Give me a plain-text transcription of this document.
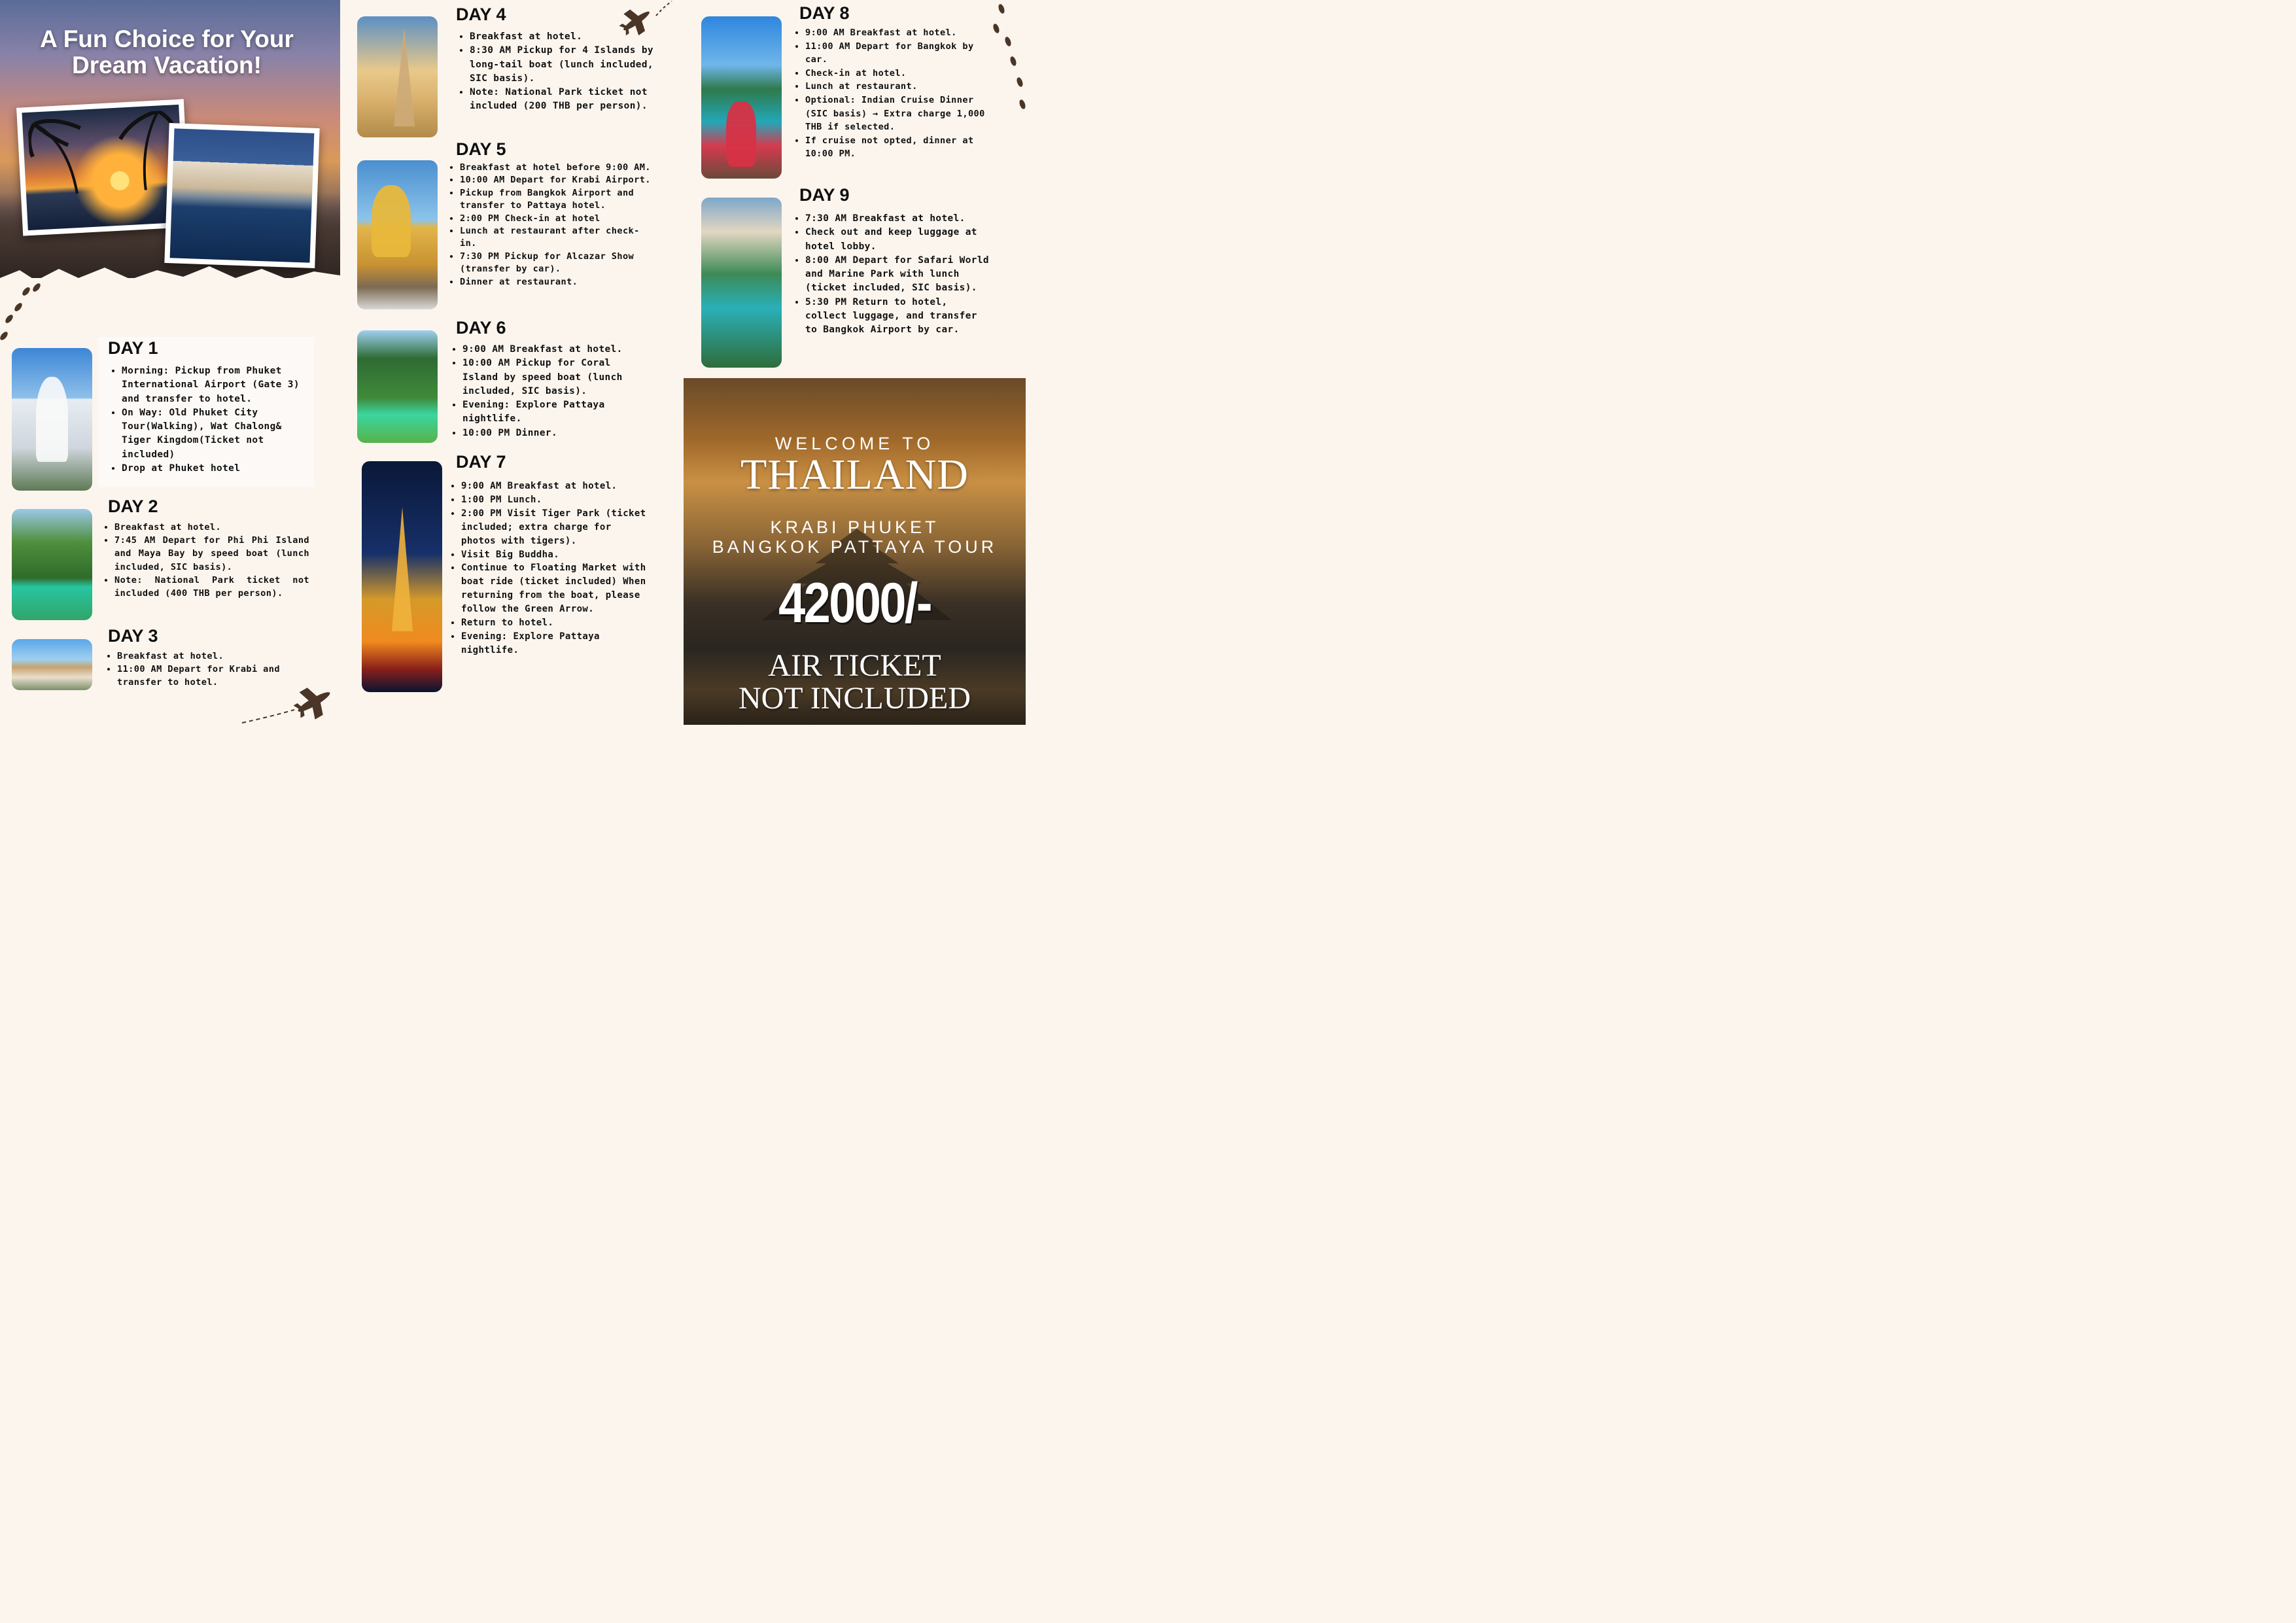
A Fun Choice for Your
Dream Vacation!
DAY 1
• Morning: Pickup from Phuket International Airport (Gate 3) and transfer to hotel.
• On Way: Old Phuket City Tour(Walking), Wat Chalong& Tiger Kingdom(Ticket not included)
• Drop at Phuket hotel
DAY 2
• Breakfast at hotel.
• 7:45 AM Depart for Phi Phi Island and Maya Bay by speed boat (lunch included, SIC basis).
• Note: National Park ticket not included (400 THB per person).
DAY 3
• Breakfast at hotel.
• 11:00 AM Depart for Krabi and transfer to hotel.
DAY 4
• Breakfast at hotel.
• 8:30 AM Pickup for 4 Islands by long-tail boat (lunch included, SIC basis).
• Note: National Park ticket not included (200 THB per person).
DAY 5
• Breakfast at hotel before 9:00 AM.
• 10:00 AM Depart for Krabi Airport.
• Pickup from Bangkok Airport and transfer to Pattaya hotel.
• 2:00 PM Check-in at hotel
• Lunch at restaurant after check-in.
• 7:30 PM Pickup for Alcazar Show (transfer by car).
• Dinner at restaurant.
DAY 6
• 9:00 AM Breakfast at hotel.
• 10:00 AM Pickup for Coral Island by speed boat (lunch included, SIC basis).
• Evening: Explore Pattaya nightlife.
• 10:00 PM Dinner.
DAY 7
• 9:00 AM Breakfast at hotel.
• 1:00 PM Lunch.
• 2:00 PM Visit Tiger Park (ticket included; extra charge for photos with tigers).
• Visit Big Buddha.
• Continue to Floating Market with boat ride (ticket included) When returning from the boat, please follow the Green Arrow.
• Return to hotel.
• Evening: Explore Pattaya nightlife.
DAY 8
• 9:00 AM Breakfast at hotel.
• 11:00 AM Depart for Bangkok by car.
• Check-in at hotel.
• Lunch at restaurant.
• Optional: Indian Cruise Dinner (SIC basis) → Extra charge 1,000 THB if selected.
• If cruise not opted, dinner at 10:00 PM.
DAY 9
• 7:30 AM Breakfast at hotel.
• Check out and keep luggage at hotel lobby.
• 8:00 AM Depart for Safari World and Marine Park with lunch (ticket included, SIC basis).
• 5:30 PM Return to hotel, collect luggage, and transfer to Bangkok Airport by car.
WELCOME TO
THAILAND
KRABI PHUKET
BANGKOK PATTAYA TOUR
42000/-
AIR TICKET
NOT INCLUDED
